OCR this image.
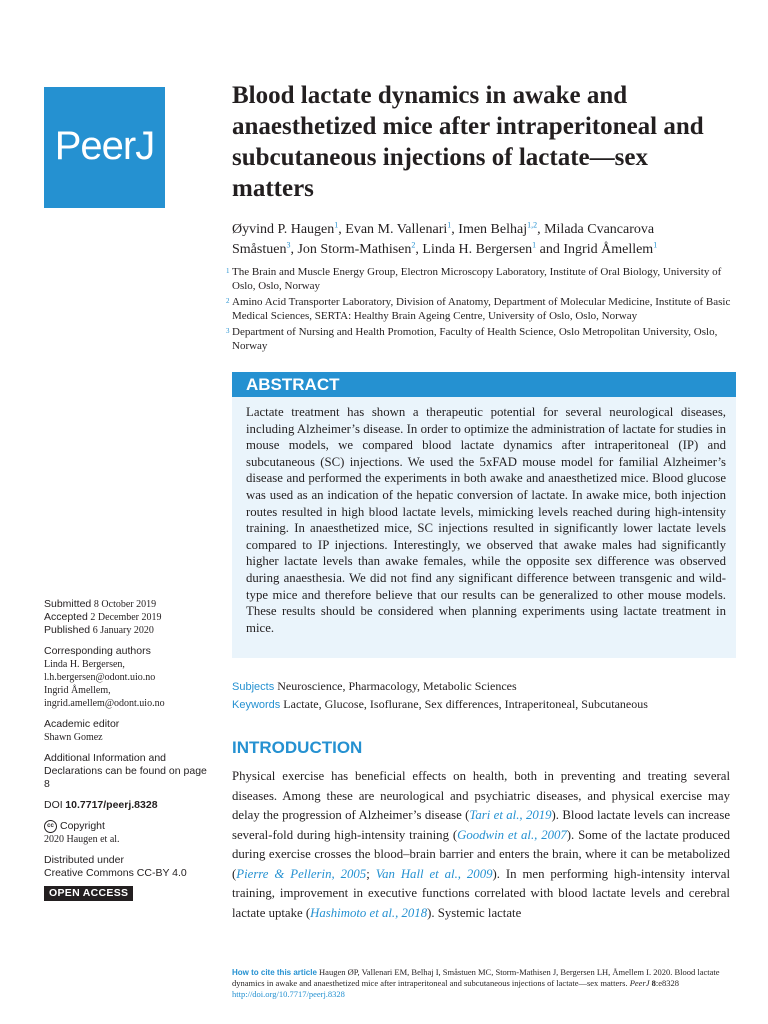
PeerJ
Blood lactate dynamics in awake and anaesthetized mice after intraperitoneal and subcutaneous injections of lactate—sex matters
Øyvind P. Haugen$^1$, Evan M. Vallenari$^1$, Imen Belhaj$^{1,2}$, Milada Cvancarova Småstuen$^3$, Jon Storm-Mathisen$^2$, Linda H. Bergersen$^1$ and Ingrid Åmellem$^1$
1 The Brain and Muscle Energy Group, Electron Microscopy Laboratory, Institute of Oral Biology, University of Oslo, Oslo, Norway
2 Amino Acid Transporter Laboratory, Division of Anatomy, Department of Molecular Medicine, Institute of Basic Medical Sciences, SERTA: Healthy Brain Ageing Centre, University of Oslo, Oslo, Norway
3 Department of Nursing and Health Promotion, Faculty of Health Science, Oslo Metropolitan University, Oslo, Norway
ABSTRACT
Lactate treatment has shown a therapeutic potential for several neurological diseases, including Alzheimer’s disease. In order to optimize the administration of lactate for studies in mouse models, we compared blood lactate dynamics after intraperitoneal (IP) and subcutaneous (SC) injections. We used the 5xFAD mouse model for familial Alzheimer’s disease and performed the experiments in both awake and anaesthetized mice. Blood glucose was used as an indication of the hepatic conversion of lactate. In awake mice, both injection routes resulted in high blood lactate levels, mimicking levels reached during high-intensity training. In anaesthetized mice, SC injections resulted in significantly lower lactate levels compared to IP injections. Interestingly, we observed that awake males had significantly higher lactate levels than awake females, while the opposite sex difference was observed during anaesthesia. We did not find any significant difference between transgenic and wild-type mice and therefore believe that our results can be generalized to other mouse models. These results should be considered when planning experiments using lactate treatment in mice.
Subjects Neuroscience, Pharmacology, Metabolic Sciences
Keywords Lactate, Glucose, Isoflurane, Sex differences, Intraperitoneal, Subcutaneous
INTRODUCTION
Physical exercise has beneficial effects on health, both in preventing and treating several diseases. Among these are neurological and psychiatric diseases, and physical exercise may delay the progression of Alzheimer’s disease (Tari et al., 2019). Blood lactate levels can increase several-fold during high-intensity training (Goodwin et al., 2007). Some of the lactate produced during exercise crosses the blood–brain barrier and enters the brain, where it can be metabolized (Pierre & Pellerin, 2005; Van Hall et al., 2009). In men performing high-intensity interval training, improvement in executive functions correlated with blood lactate levels and cerebral lactate uptake (Hashimoto et al., 2018). Systemic lactate
Submitted 8 October 2019
Accepted 2 December 2019
Published 6 January 2020
Corresponding authors
Linda H. Bergersen,
l.h.bergersen@odont.uio.no
Ingrid Åmellem,
ingrid.amellem@odont.uio.no
Academic editor
Shawn Gomez
Additional Information and Declarations can be found on page 8
DOI 10.7717/peerj.8328
cc Copyright
2020 Haugen et al.
Distributed under
Creative Commons CC-BY 4.0
OPEN ACCESS
How to cite this article Haugen ØP, Vallenari EM, Belhaj I, Småstuen MC, Storm-Mathisen J, Bergersen LH, Åmellem I. 2020. Blood lactate dynamics in awake and anaesthetized mice after intraperitoneal and subcutaneous injections of lactate—sex matters. PeerJ 8:e8328
http://doi.org/10.7717/peerj.8328
